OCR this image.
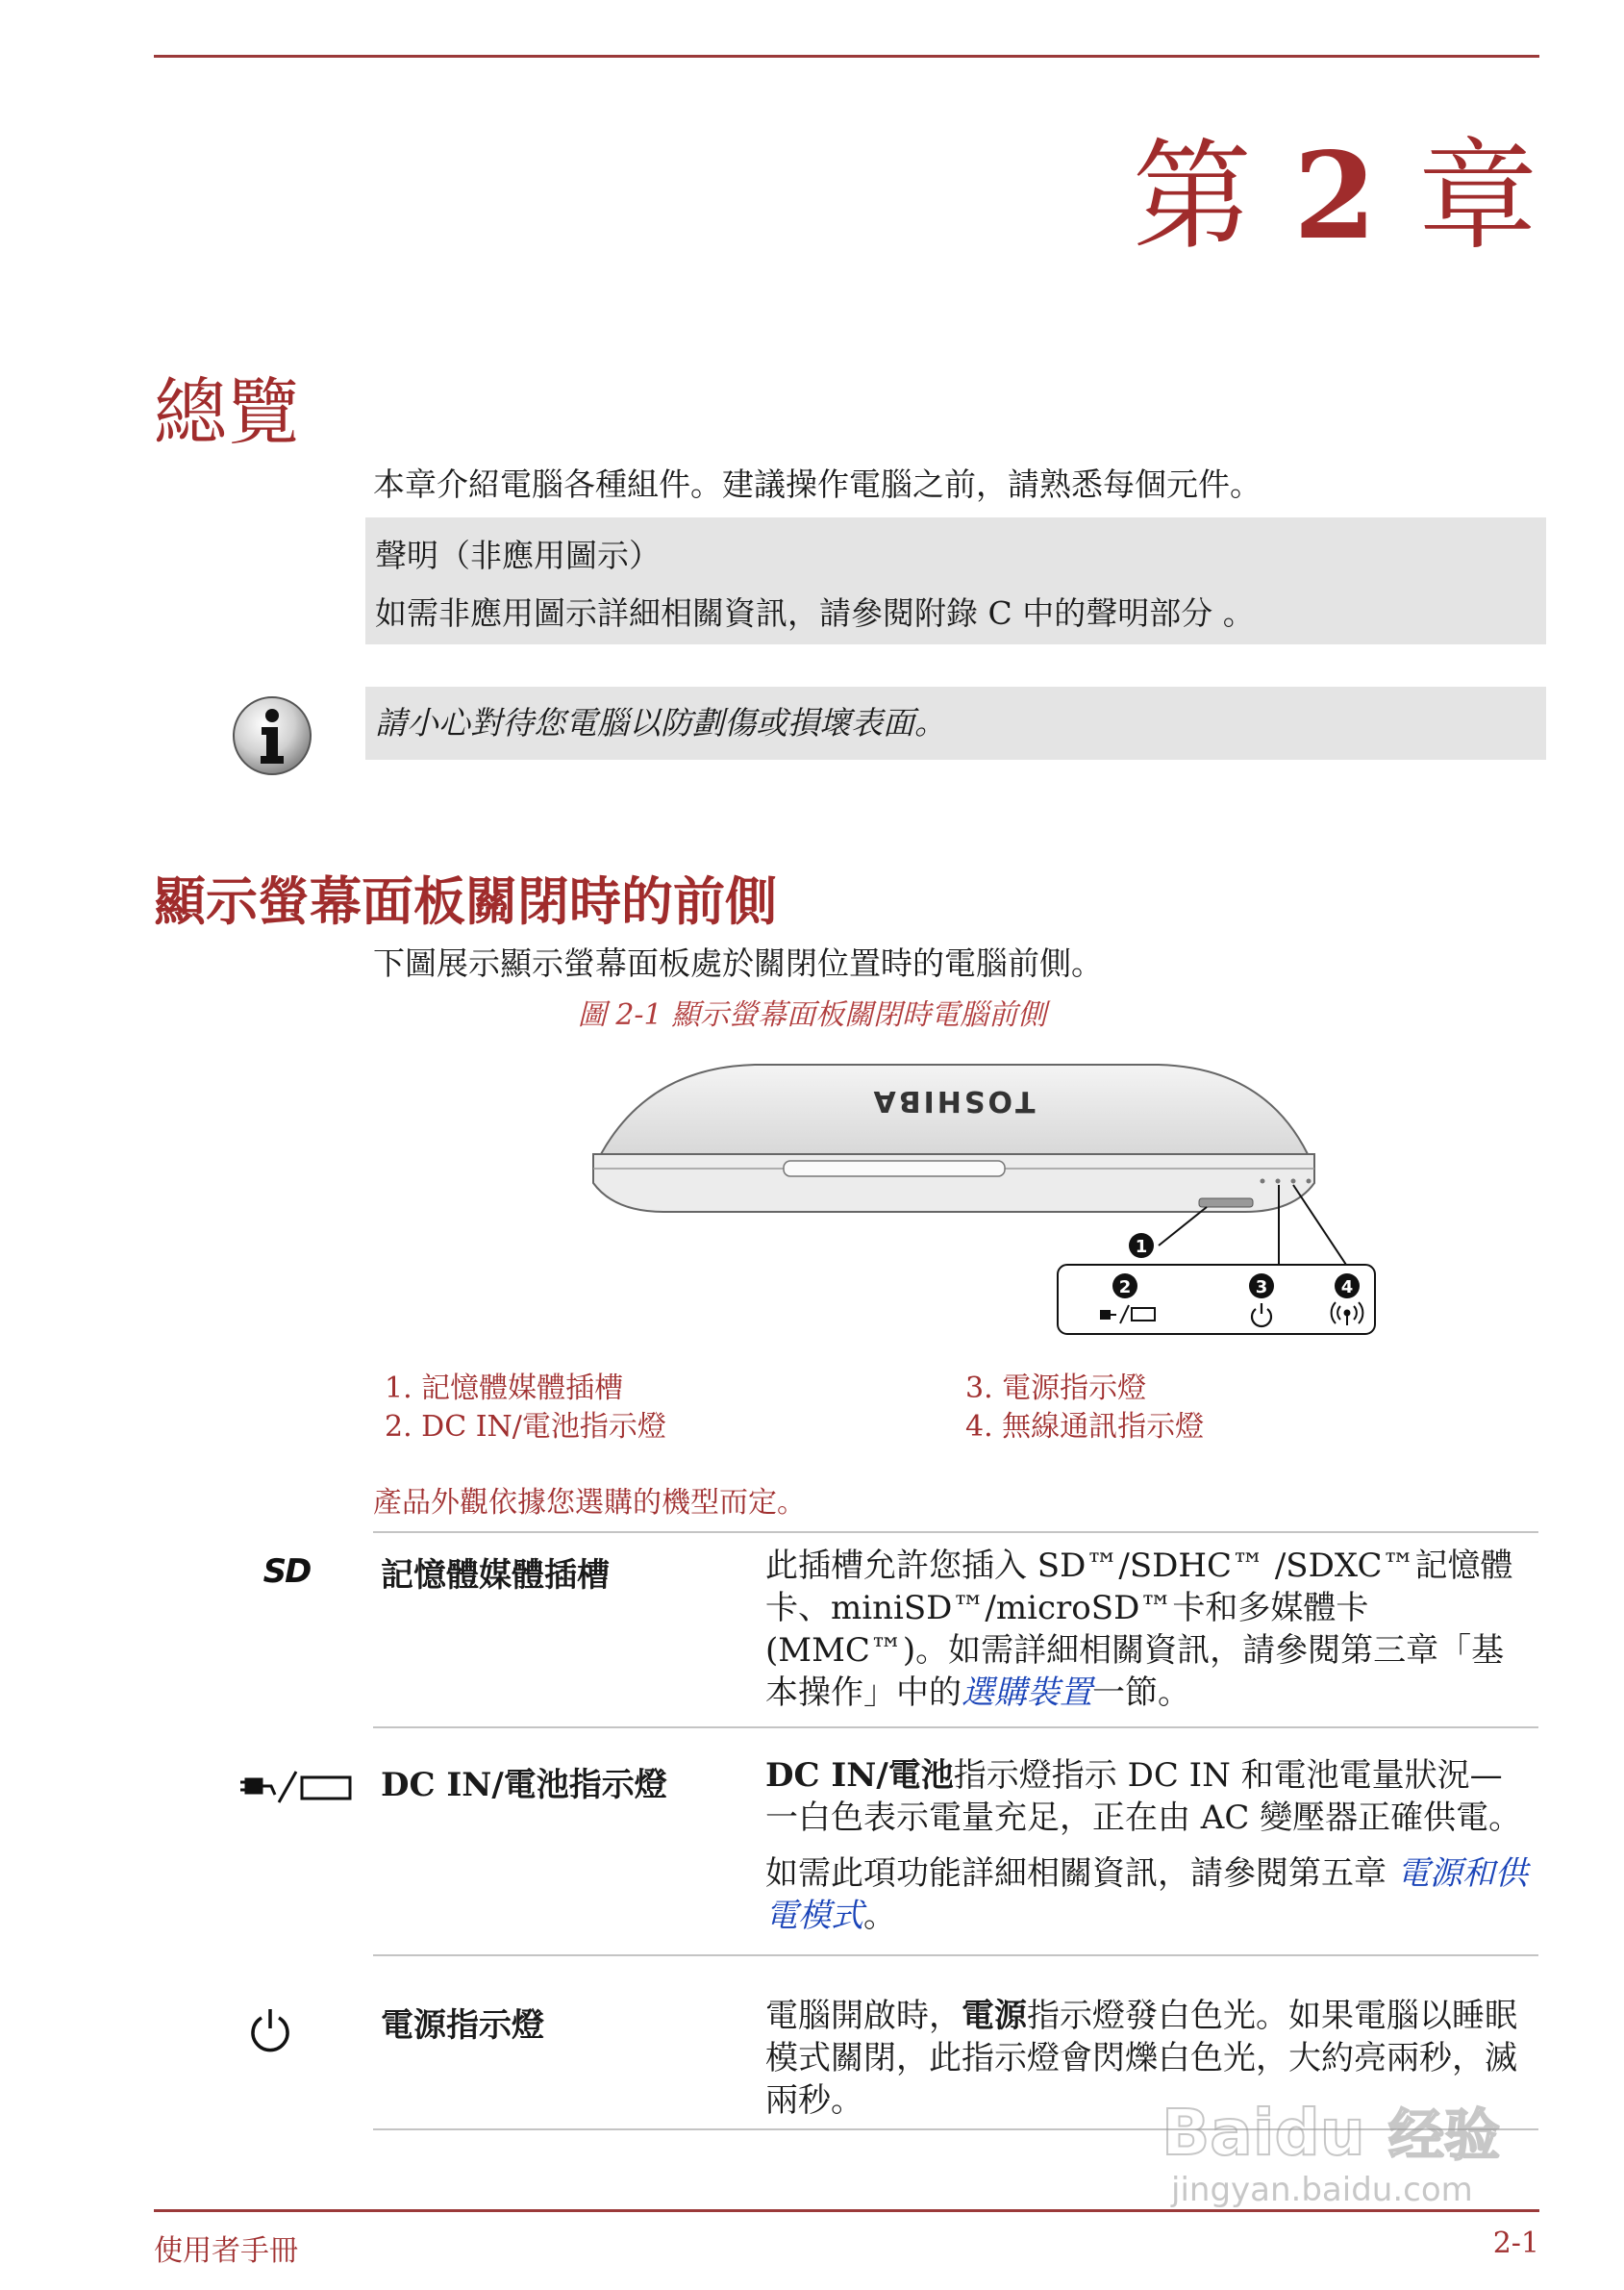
第 2 章
總覽
本章介紹電腦各種組件。建議操作電腦之前，請熟悉每個元件。
聲明（非應用圖示）
如需非應用圖示詳細相關資訊，請參閱附錄 C 中的聲明部分 。
請小心對待您電腦以防劃傷或損壞表面。
顯示螢幕面板關閉時的前側
下圖展示顯示螢幕面板處於關閉位置時的電腦前側。
圖 2-1 顯示螢幕面板關閉時電腦前側
TOSHIBA
1
2	3	4
1. 記憶體媒體插槽
2. DC IN/電池指示燈
3. 電源指示燈
4. 無線通訊指示燈
產品外觀依據您選購的機型而定。
SD 記憶體媒體插槽	此插槽允許您插入 SD™/SDHC™ /SDXC™記憶體卡、miniSD™/microSD™卡和多媒體卡(MMC™)。如需詳細相關資訊，請參閱第三章「基本操作」中的選購裝置一節。

DC IN/電池指示燈	DC IN/電池指示燈指示 DC IN 和電池電量狀況—一白色表示電量充足，正在由 AC 變壓器正確供電。

如需此項功能詳細相關資訊，請參閱第五章 電源和供電模式。

電源指示燈	電腦開啟時，電源指示燈發白色光。如果電腦以睡眠模式關閉，此指示燈會閃爍白色光，大約亮兩秒，滅兩秒。	Baidu 经验
jingyan.baidu.com
使用者手冊	2-1
